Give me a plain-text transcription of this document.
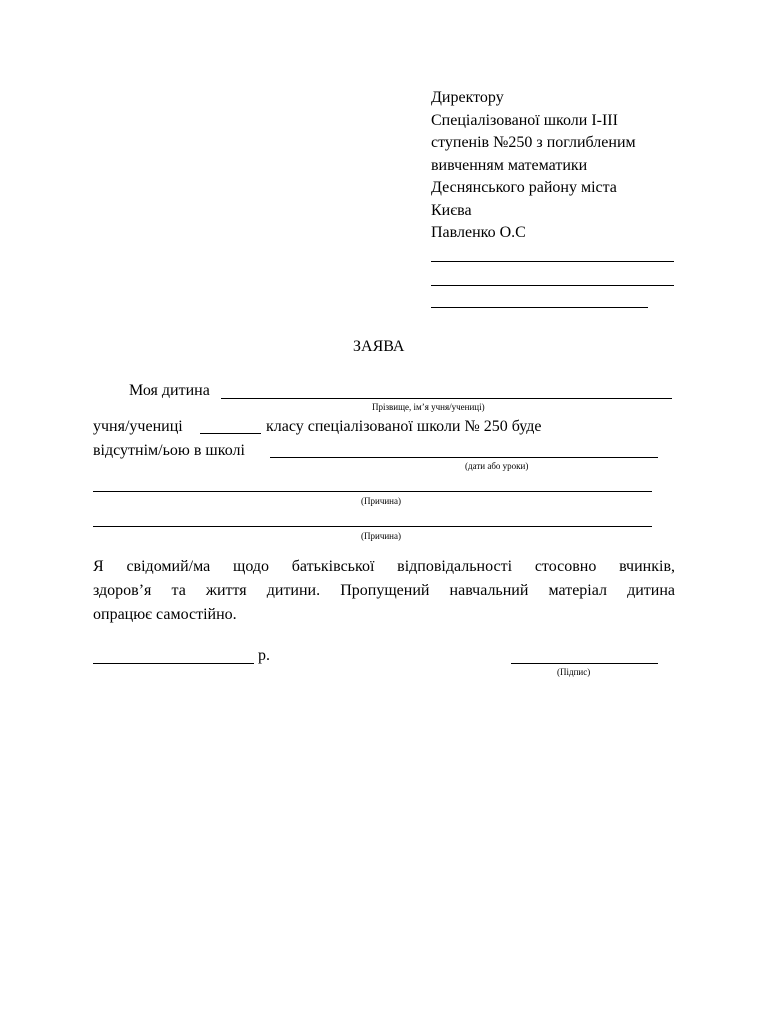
Директору
Спеціалізованої школи І-ІІІ
ступенів №250 з поглибленим
вивченням математики
Деснянського району міста
Києва
Павленко О.С
ЗАЯВА
Моя дитина
Прізвище, ім’я учня/учениці)
учня/учениці	класу спеціалізованої школи № 250 буде
відсутнім/ьою в школі
(дати або уроки)
(Причина)
(Причина)
Я свідомий/ма щодо батьківської відповідальності стосовно вчинків,
здоров’я та життя дитини. Пропущений навчальний матеріал дитина
опрацює самостійно.
р.
(Підпис)
